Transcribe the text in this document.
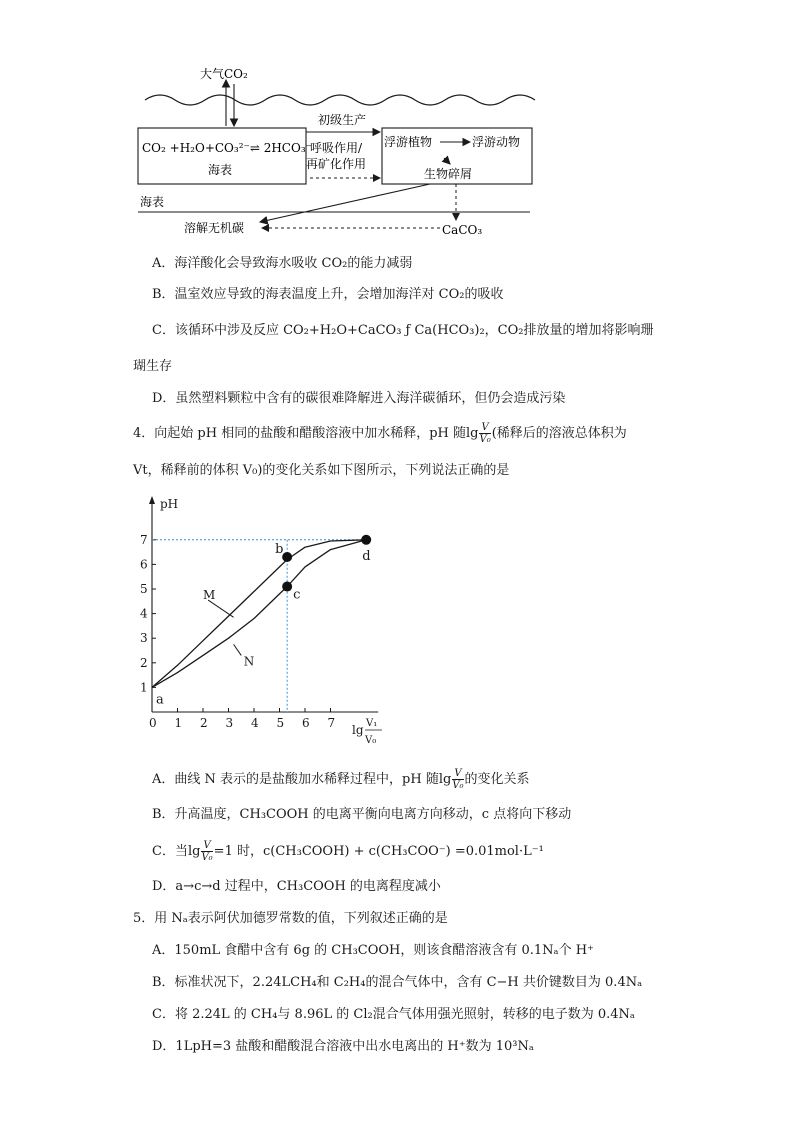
大气CO₂
CO₂ +H₂O+CO₃²⁻⇌ 2HCO₃⁻
海表
浮游植物	浮游动物
生物碎屑
初级生产
呼吸作用/
再矿化作用
海表
溶解无机碳	CaCO₃
A．海洋酸化会导致海水吸收 CO₂的能力减弱
B．温室效应导致的海表温度上升，会增加海洋对 CO₂的吸收
C．该循环中涉及反应 CO₂+H₂O+CaCO₃ ƒ Ca(HCO₃)₂，CO₂排放量的增加将影响珊
瑚生存
D．虽然塑料颗粒中含有的碳很难降解进入海洋碳循环，但仍会造成污染
4．向起始 pH 相同的盐酸和醋酸溶液中加水稀释，pH 随$\lg \frac{V}{\text{V₀}}$ (稀释后的溶液总体积为
Vt，稀释前的体积 V₀)的变化关系如下图所示，下列说法正确的是
pH
0 1 2 3 4 5 6 7
1
2
3
4
5
6
7
M
N
a
b
c
d
lg V₁
V₀
A．曲线 N 表示的是盐酸加水稀释过程中，pH 随$\lg \frac{V}{\text{V₀}}$ 的变化关系
B．升高温度，CH₃COOH 的电离平衡向电离方向移动，c 点将向下移动
C．当$\lg \frac{V}{\text{V₀}} =1$ 时，c(CH₃COOH) + c(CH₃COO⁻) =0.01mol·L⁻¹
D．a→c→d 过程中，CH₃COOH 的电离程度减小
5．用 Nₐ表示阿伏加德罗常数的值，下列叙述正确的是
A．150mL 食醋中含有 6g 的 CH₃COOH，则该食醋溶液含有 0.1Nₐ个 H⁺
B．标准状况下，2.24LCH₄和 C₂H₄的混合气体中，含有 C−H 共价键数目为 0.4Nₐ
C．将 2.24L 的 CH₄与 8.96L 的 Cl₂混合气体用强光照射，转移的电子数为 0.4Nₐ
D．1LpH=3 盐酸和醋酸混合溶液中出水电离出的 H⁺数为 10³Nₐ
